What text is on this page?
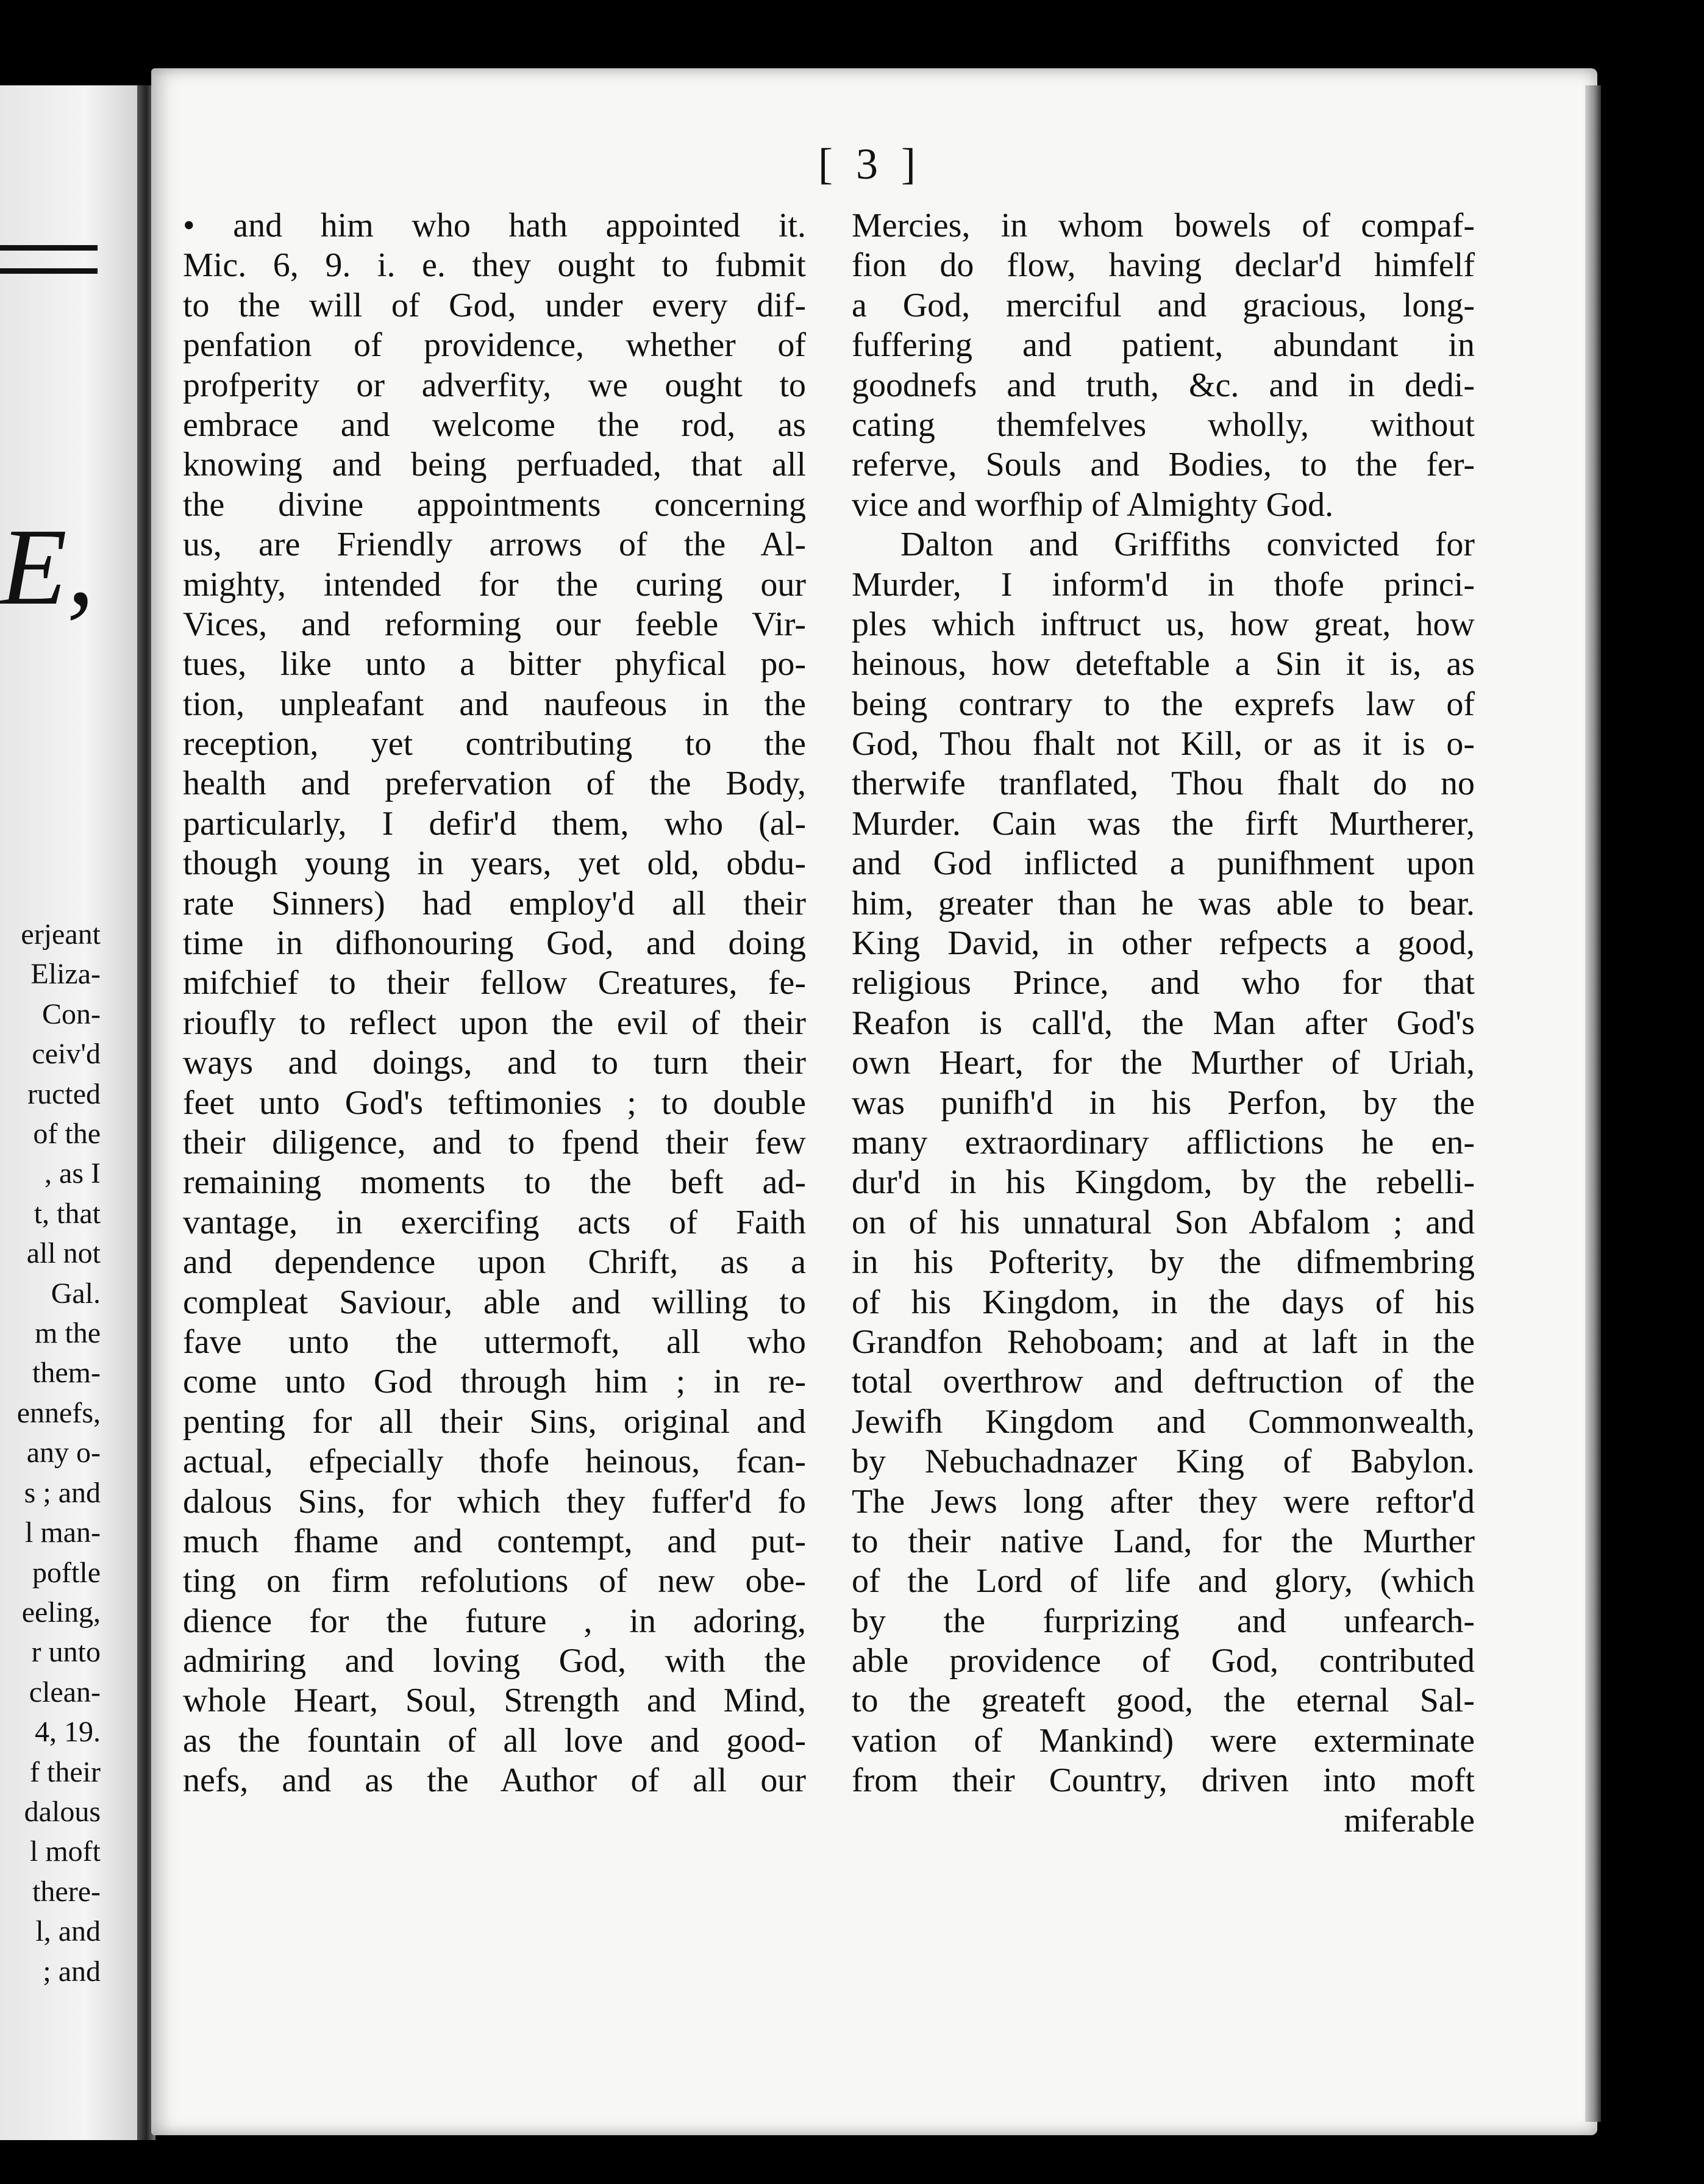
E,
erjeant
Eliza-
Con-
ceiv'd
ructed
of the
, as I
t, that
all not
Gal.
m the
them-
ennefs,
any o-
s ; and
l man-
poftle
eeling,
r unto
clean-
4, 19.
f their
dalous
l moft
there-
l, and
; and
[ 3 ]
• and him who hath appointed it.
Mic. 6, 9. i. e. they ought to fubmit
to the will of God, under every dif-
penfation of providence, whether of
profperity or adverfity, we ought to
embrace and welcome the rod, as
knowing and being perfuaded, that all
the divine appointments concerning
us, are Friendly arrows of the Al-
mighty, intended for the curing our
Vices, and reforming our feeble Vir-
tues, like unto a bitter phyfical po-
tion, unpleafant and naufeous in the
reception, yet contributing to the
health and prefervation of the Body,
particularly, I defir'd them, who (al-
though young in years, yet old, obdu-
rate Sinners) had employ'd all their
time in difhonouring God, and doing
mifchief to their fellow Creatures, fe-
rioufly to reflect upon the evil of their
ways and doings, and to turn their
feet unto God's teftimonies ; to double
their diligence, and to fpend their few
remaining moments to the beft ad-
vantage, in exercifing acts of Faith
and dependence upon Chrift, as a
compleat Saviour, able and willing to
fave unto the uttermoft, all who
come unto God through him ; in re-
penting for all their Sins, original and
actual, efpecially thofe heinous, fcan-
dalous Sins, for which they fuffer'd fo
much fhame and contempt, and put-
ting on firm refolutions of new obe-
dience for the future , in adoring,
admiring and loving God, with the
whole Heart, Soul, Strength and Mind,
as the fountain of all love and good-
nefs, and as the Author of all our
Mercies, in whom bowels of compaf-
fion do flow, having declar'd himfelf
a God, merciful and gracious, long-
fuffering and patient, abundant in
goodnefs and truth, &c. and in dedi-
cating themfelves wholly, without
referve, Souls and Bodies, to the fer-
vice and worfhip of Almighty God.
Dalton and Griffiths convicted for
Murder, I inform'd in thofe princi-
ples which inftruct us, how great, how
heinous, how deteftable a Sin it is, as
being contrary to the exprefs law of
God, Thou fhalt not Kill, or as it is o-
therwife tranflated, Thou fhalt do no
Murder. Cain was the firft Murtherer,
and God inflicted a punifhment upon
him, greater than he was able to bear.
King David, in other refpects a good,
religious Prince, and who for that
Reafon is call'd, the Man after God's
own Heart, for the Murther of Uriah,
was punifh'd in his Perfon, by the
many extraordinary afflictions he en-
dur'd in his Kingdom, by the rebelli-
on of his unnatural Son Abfalom ; and
in his Pofterity, by the difmembring
of his Kingdom, in the days of his
Grandfon Rehoboam; and at laft in the
total overthrow and deftruction of the
Jewifh Kingdom and Commonwealth,
by Nebuchadnazer King of Babylon.
The Jews long after they were reftor'd
to their native Land, for the Murther
of the Lord of life and glory, (which
by the furprizing and unfearch-
able providence of God, contributed
to the greateft good, the eternal Sal-
vation of Mankind) were exterminate
from their Country, driven into moft
miferable
